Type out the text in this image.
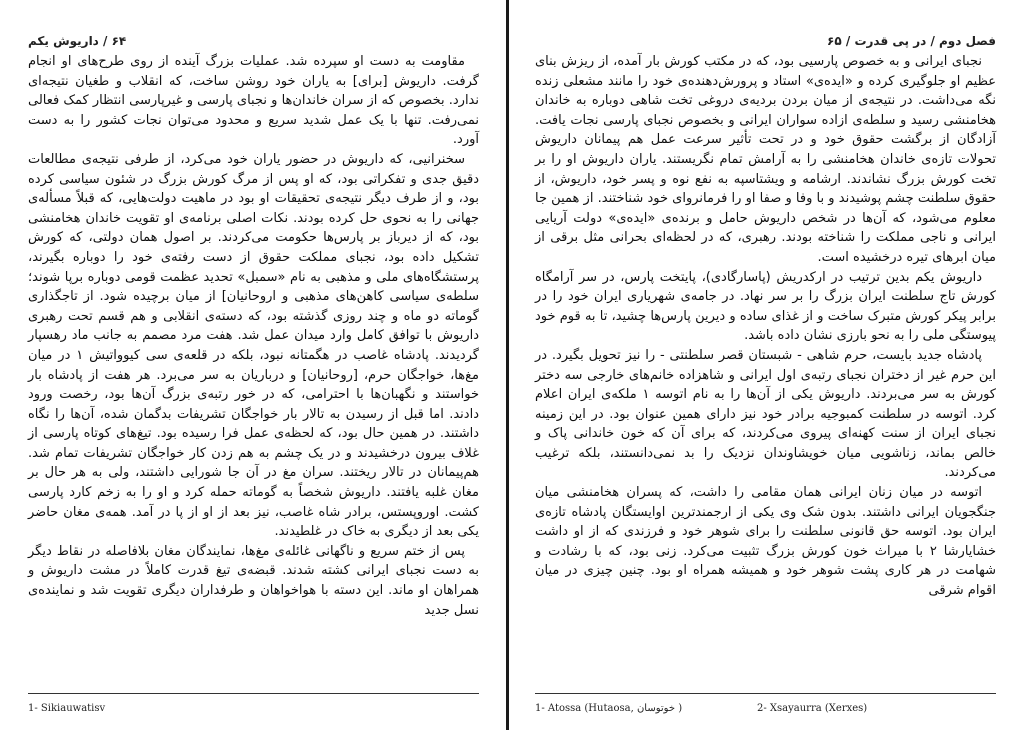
۶۴ / داریوش یکم

مقاومت به دست او سپرده شد. عملیات بزرگ آینده از روی طرح‌های او انجام گرفت. داریوش [برای] به یاران خود روشن ساخت، که انقلاب و طغیان نتیجه‌ای ندارد. بخصوص که از سران خاندان‌ها و نجبای پارسی و غیرپارسی انتظار کمک فعالی نمی‌رفت. تنها با یک عمل شدید سریع و محدود می‌توان نجات کشور را به دست آورد.

سخنرانیی، که داریوش در حضور یاران خود می‌کرد، از طرفی نتیجه‌ی مطالعات دقیق جدی و تفکراتی بود، که او پس از مرگ کورش بزرگ در شئون سیاسی کرده بود، و از طرف دیگر نتیجه‌ی تحقیقات او بود در ماهیت دولت‌هایی، که قبلاً مسأله‌ی جهانی را به نحوی حل کرده بودند. نکات اصلی برنامه‌ی او تقویت خاندان هخامنشی بود، که از دیرباز بر پارس‌ها حکومت می‌کردند. بر اصول همان دولتی، که کورش تشکیل داده بود، نجبای مملکت حقوق از دست رفته‌ی خود را دوباره بگیرند، پرستشگاه‌های ملی و مذهبی به نام «سمبل» تحدید عظمت قومی دوباره برپا شوند؛ سلطه‌ی سیاسی کاهن‌های مذهبی و اروحانیان] از میان برچیده شود. از تاجگذاری گوماته دو ماه و چند روزی گذشته بود، که دسته‌ی انقلابی و هم قسم تحت رهبری داریوش با توافق کامل وارد میدان عمل شد. هفت مرد مصمم به جانب ماد رهسپار گردیدند. پادشاه غاصب در هگمتانه نبود، بلکه در قلعه‌ی سی کیوواتیش ۱ در میان مغ‌ها، خواجگان حرم، [روحانیان] و درباریان به سر می‌برد. هر هفت از پادشاه بار خواستند و نگهبان‌ها با احترامی، که در خور رتبه‌ی بزرگ آن‌ها بود، رخصت ورود دادند. اما قبل از رسیدن به تالار بار خواجگان تشریفات بدگمان شده، آن‌ها را نگاه داشتند. در همین حال بود، که لحظه‌ی عمل فرا رسیده بود. تیغ‌های کوتاه پارسی از غلاف بیرون درخشیدند و در یک چشم به هم زدن کار خواجگان تشریفات تمام شد. هم‌پیمانان در تالار ریختند. سران مغ در آن جا شورایی داشتند، ولی به هر حال بر مغان غلبه یافتند. داریوش شخصاً به گوماته حمله کرد و او را به زخم کارد پارسی کشت. اوروپستس، برادر شاه غاصب، نیز بعد از او از پا در آمد. همه‌ی مغان حاضر یکی بعد از دیگری به خاک در غلطیدند.

پس از ختم سریع و ناگهانی غائله‌ی مغ‌ها، نمایندگان مغان بلافاصله در نقاط دیگر به دست نجبای ایرانی کشته شدند. قبضه‌ی تیغ قدرت کاملاً در مشت داریوش و همراهان او ماند. این دسته با هواخواهان و طرفداران دیگری تقویت شد و نماینده‌ی نسل جدید

1- Sikiauwatisv
فصل دوم / در پی قدرت / ۶۵

نجبای ایرانی و به خصوص پارسیی بود، که در مکتب کورش بار آمده، از ریزش بنای عظیم او جلوگیری کرده و «ایده‌ی» استاد و پرورش‌دهنده‌ی خود را مانند مشعلی زنده نگه می‌داشت. در نتیجه‌ی از میان بردن بردیه‌ی دروغی تخت شاهی دوباره به خاندان هخامنشی رسید و سلطه‌ی ازاده سواران ایرانی و بخصوص نجبای پارسی نجات یافت. آزادگان از برگشت حقوق خود و در تحت تأثیر سرعت عمل هم پیمانان داریوش تحولات تازه‌ی خاندان هخامنشی را به آرامش تمام نگریستند. یاران داریوش او را بر تخت کورش بزرگ نشاندند. ارشامه و ویشتاسپه به نفع نوه و پسر خود، داریوش، از حقوق سلطنت چشم پوشیدند و با وفا و صفا او را فرمانروای خود شناختند. از همین جا معلوم می‌شود، که آن‌ها در شخص داریوش حامل و برنده‌ی «ایده‌ی» دولت آریایی ایرانی و ناجی مملکت را شناخته بودند. رهبری، که در لحظه‌ای بحرانی مثل برقی از میان ابرهای تیره درخشیده است.

داریوش یکم بدین ترتیب در ارکدریش (پاسارگادی)، پایتخت پارس، در سر آرامگاه کورش تاج سلطنت ایران بزرگ را بر سر نهاد. در جامه‌ی شهریاری ایران خود را در برابر پیکر کورش متبرک ساخت و از غذای ساده و دیرین پارس‌ها چشید، تا به قوم خود پیوستگی ملی را به نحو بارزی نشان داده باشد.

پادشاه جدید بایست، حرم شاهی - شبستان قصر سلطنتی - را نیز تحویل بگیرد. در این حرم غیر از دختران نجبای رتبه‌ی اول ایرانی و شاهزاده خانم‌های خارجی سه دختر کورش به سر می‌بردند. داریوش یکی از آن‌ها را به نام اتوسه ۱ ملکه‌ی ایران اعلام کرد. اتوسه در سلطنت کمبوجیه برادر خود نیز دارای همین عنوان بود. در این زمینه نجبای ایران از سنت کهنه‌ای پیروی می‌کردند، که برای آن که خون خاندانی پاک و خالص بماند، زناشویی میان خویشاوندان نزدیک را بد نمی‌دانستند، بلکه ترغیب می‌کردند.

اتوسه در میان زنان ایرانی همان مقامی را داشت، که پسران هخامنشی میان جنگجویان ایرانی داشتند. بدون شک وی یکی از ارجمندترین اوایستگان پادشاه تازه‌ی ایران بود. اتوسه حق قانونی سلطنت را برای شوهر خود و فرزندی که از او داشت خشایارشا ۲ با میراث خون کورش بزرگ تثبیت می‌کرد. زنی بود، که با رشادت و شهامت در هر کاری پشت شوهر خود و همیشه همراه او بود. چنین چیزی در میان اقوام شرقی

1- Atossa (Hutaosa, خوتوسان )	2- Xsayaurra (Xerxes)
